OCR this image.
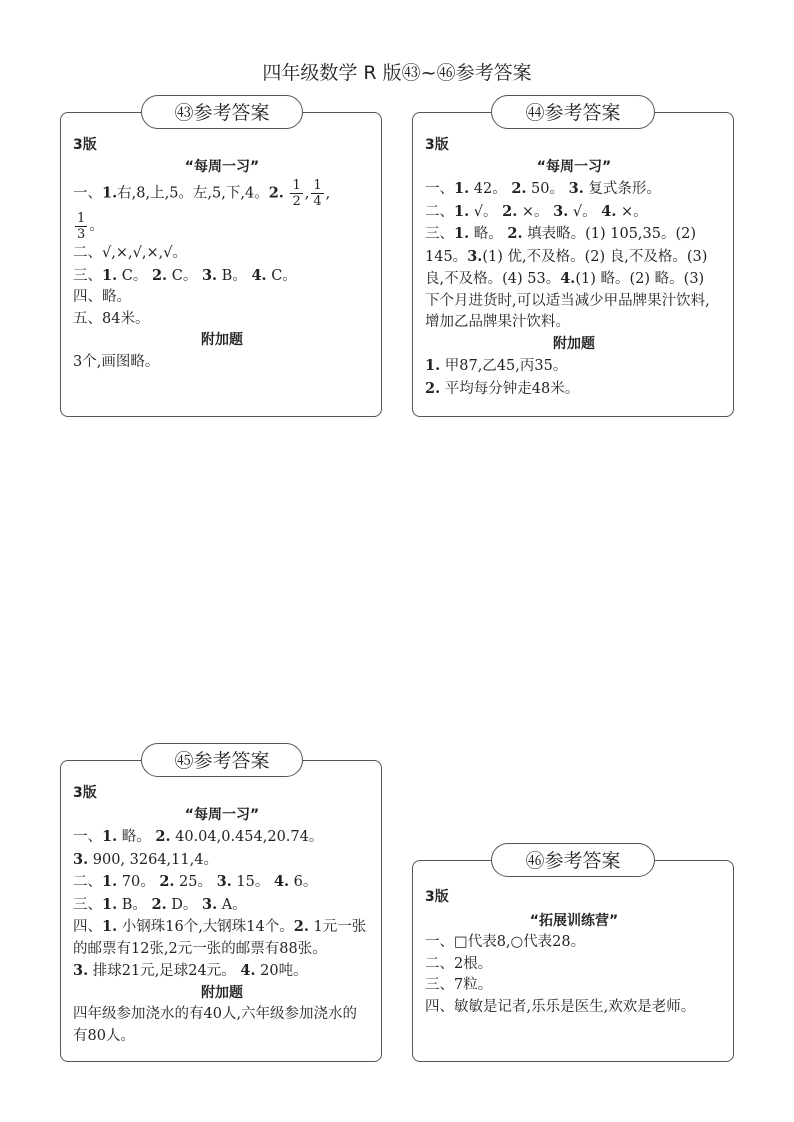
四年级数学 R 版㊸~㊻参考答案
㊸参考答案
3版
“每周一习”
一、1.右,8,上,5。左,5,下,4。2. $\frac{1}{2}$ , $\frac{1}{4}$ ,
$\frac{1}{3}$ 。
二、√,×,√,×,√。
三、1. C。 2. C。 3. B。 4. C。
四、略。
五、84米。
附加题
3个,画图略。
㊹参考答案
3版
“每周一习”
一、1. 42。 2. 50。 3. 复式条形。
二、1. √。 2. ×。 3. √。 4. ×。
三、1. 略。 2. 填表略。(1) 105,35。(2) 145。3.(1) 优,不及格。(2) 良,不及格。(3) 良,不及格。(4) 53。4.(1) 略。(2) 略。(3) 下个月进货时,可以适当减少甲品牌果汁饮料,增加乙品牌果汁饮料。
附加题
1. 甲87,乙45,丙35。
2. 平均每分钟走48米。
㊺参考答案
3版
“每周一习”
一、1. 略。 2. 40.04,0.454,20.74。
3. 900, 3264,11,4。
二、1. 70。 2. 25。 3. 15。 4. 6。
三、1. B。 2. D。 3. A。
四、1. 小钢珠16个,大钢珠14个。2. 1元一张的邮票有12张,2元一张的邮票有88张。
3. 排球21元,足球24元。 4. 20吨。
附加题
四年级参加浇水的有40人,六年级参加浇水的有80人。
㊻参考答案
3版
“拓展训练营”
一、□代表8,○代表28。
二、2根。
三、7粒。
四、敏敏是记者,乐乐是医生,欢欢是老师。
